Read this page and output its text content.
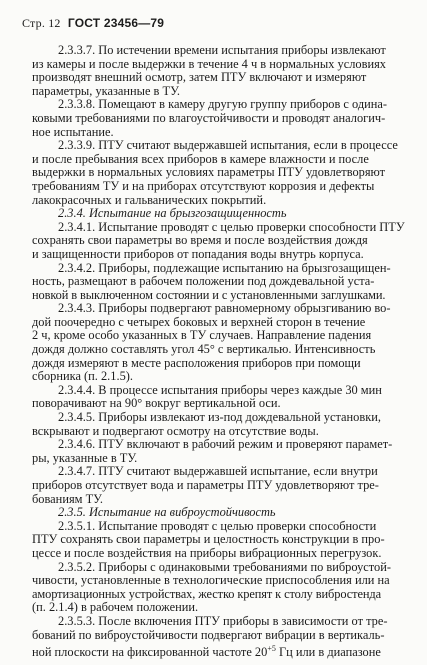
Стр. 12 ГОСТ 23456—79

2.3.3.7. По истечении времени испытания приборы извлекают
из камеры и после выдержки в течение 4 ч в нормальных условиях
производят внешний осмотр, затем ПТУ включают и измеряют
параметры, указанные в ТУ.

2.3.3.8. Помещают в камеру другую группу приборов с одина-
ковыми требованиями по влагоустойчивости и проводят аналогич-
ное испытание.

2.3.3.9. ПТУ считают выдержавшей испытания, если в процессе
и после пребывания всех приборов в камере влажности и после
выдержки в нормальных условиях параметры ПТУ удовлетворяют
требованиям ТУ и на приборах отсутствуют коррозия и дефекты
лакокрасочных и гальванических покрытий.

2.3.4. Испытание на брызгозащищенность

2.3.4.1. Испытание проводят с целью проверки способности ПТУ
сохранять свои параметры во время и после воздействия дождя
и защищенности приборов от попадания воды внутрь корпуса.

2.3.4.2. Приборы, подлежащие испытанию на брызгозащищен-
ность, размещают в рабочем положении под дождевальной уста-
новкой в выключенном состоянии и с установленными заглушками.

2.3.4.3. Приборы подвергают равномерному обрызгиванию во-
дой поочередно с четырех боковых и верхней сторон в течение
2 ч, кроме особо указанных в ТУ случаев. Направление падения
дождя должно составлять угол 45° с вертикалью. Интенсивность
дождя измеряют в месте расположения приборов при помощи
сборника (п. 2.1.5).

2.3.4.4. В процессе испытания приборы через каждые 30 мин
поворачивают на 90° вокруг вертикальной оси.

2.3.4.5. Приборы извлекают из-под дождевальной установки,
вскрывают и подвергают осмотру на отсутствие воды.

2.3.4.6. ПТУ включают в рабочий режим и проверяют парамет-
ры, указанные в ТУ.

2.3.4.7. ПТУ считают выдержавшей испытание, если внутри
приборов отсутствует вода и параметры ПТУ удовлетворяют тре-
бованиям ТУ.

2.3.5. Испытание на виброустойчивость

2.3.5.1. Испытание проводят с целью проверки способности
ПТУ сохранять свои параметры и целостность конструкции в про-
цессе и после воздействия на приборы вибрационных перегрузок.

2.3.5.2. Приборы с одинаковыми требованиями по виброустой-
чивости, установленные в технологические приспособления или на
амортизационных устройствах, жестко крепят к столу вибростенда
(п. 2.1.4) в рабочем положении.

2.3.5.3. После включения ПТУ приборы в зависимости от тре-
бований по виброустойчивости подвергают вибрации в вертикаль-
ной плоскости на фиксированной частоте $20^{+5}$ Гц или в диапазоне
